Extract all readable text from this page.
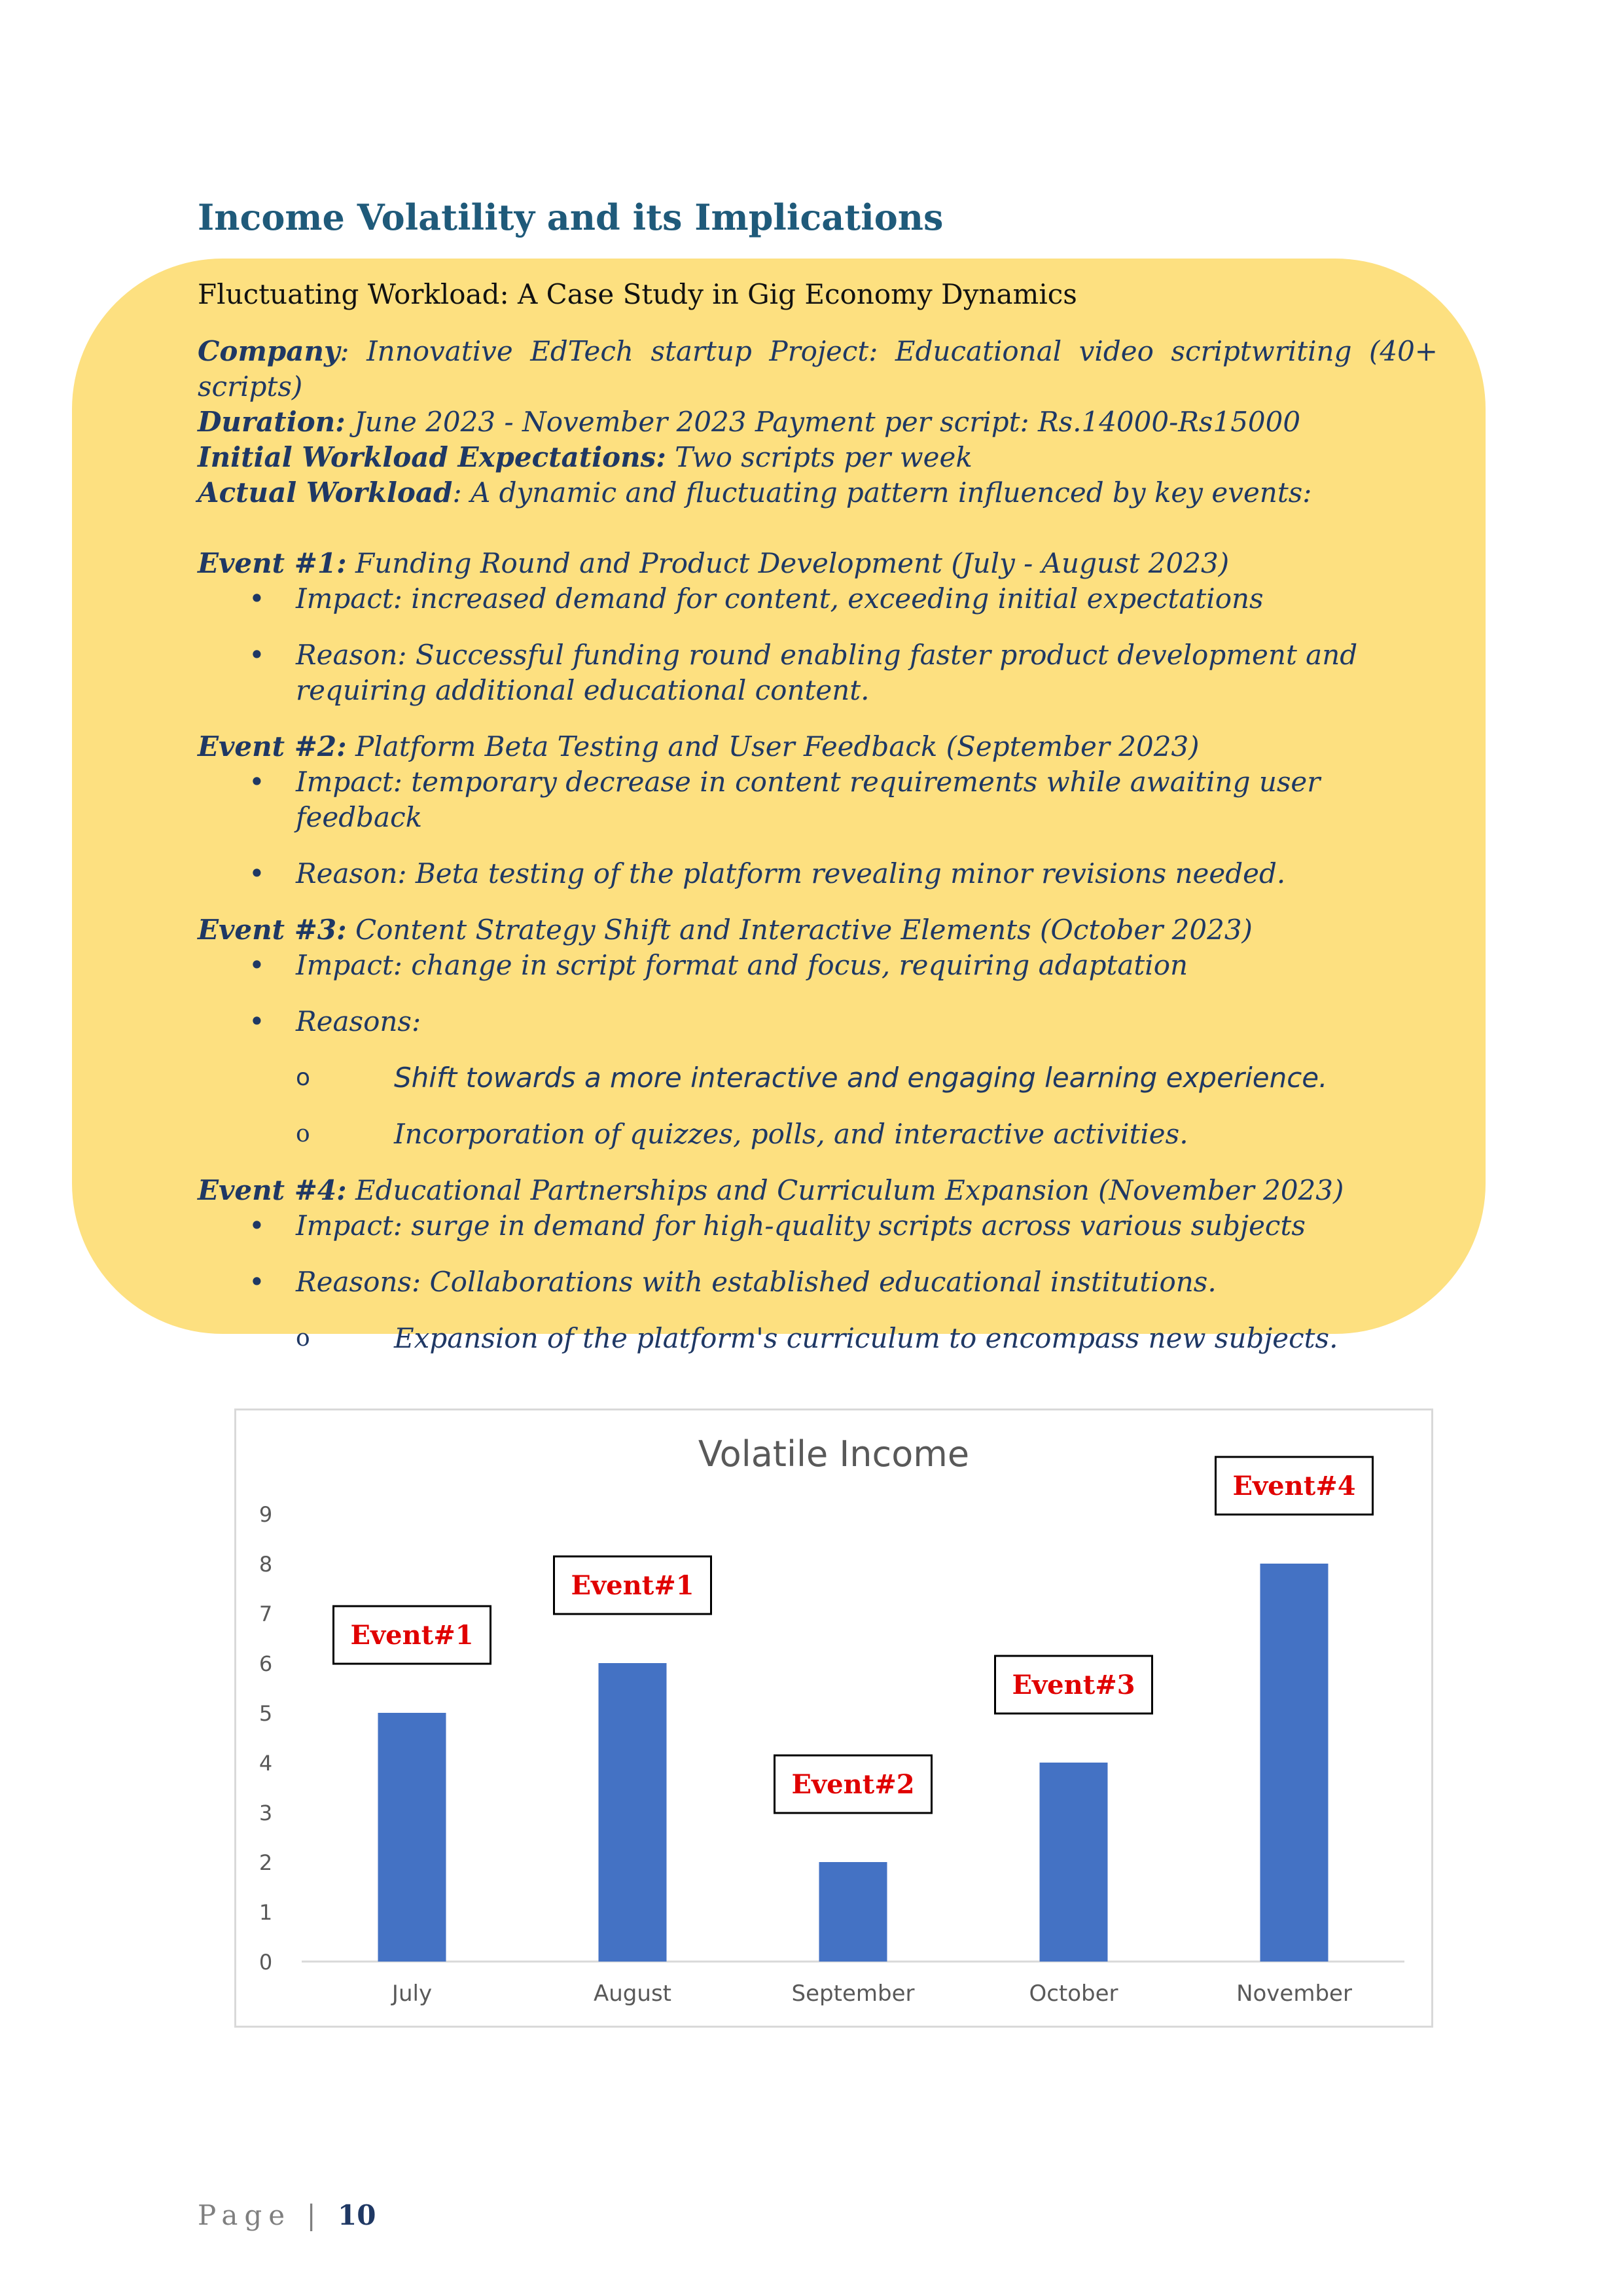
Income Volatility and its Implications

Fluctuating Workload: A Case Study in Gig Economy Dynamics

Company: Innovative EdTech startup Project: Educational video scriptwriting (40+ scripts)

Duration: June 2023 - November 2023 Payment per script: Rs.14000-Rs15000

Initial Workload Expectations: Two scripts per week

Actual Workload: A dynamic and fluctuating pattern influenced by key events:

Event #1: Funding Round and Product Development (July - August 2023)

• Impact: increased demand for content, exceeding initial expectations
• Reason: Successful funding round enabling faster product development and requiring additional educational content.

Event #2: Platform Beta Testing and User Feedback (September 2023)

• Impact: temporary decrease in content requirements while awaiting user feedback
• Reason: Beta testing of the platform revealing minor revisions needed.

Event #3: Content Strategy Shift and Interactive Elements (October 2023)

• Impact: change in script format and focus, requiring adaptation
• Reasons:
o Shift towards a more interactive and engaging learning experience.
o Incorporation of quizzes, polls, and interactive activities.

Event #4: Educational Partnerships and Curriculum Expansion (November 2023)

• Impact: surge in demand for high-quality scripts across various subjects
• Reasons: Collaborations with established educational institutions.
o Expansion of the platform's curriculum to encompass new subjects.
Volatile Income
0
1
2
3
4
5
6
7
8
9
July
Event#1
August
Event#1
September
Event#2
October
Event#3
November
Event#4
Page | 10
